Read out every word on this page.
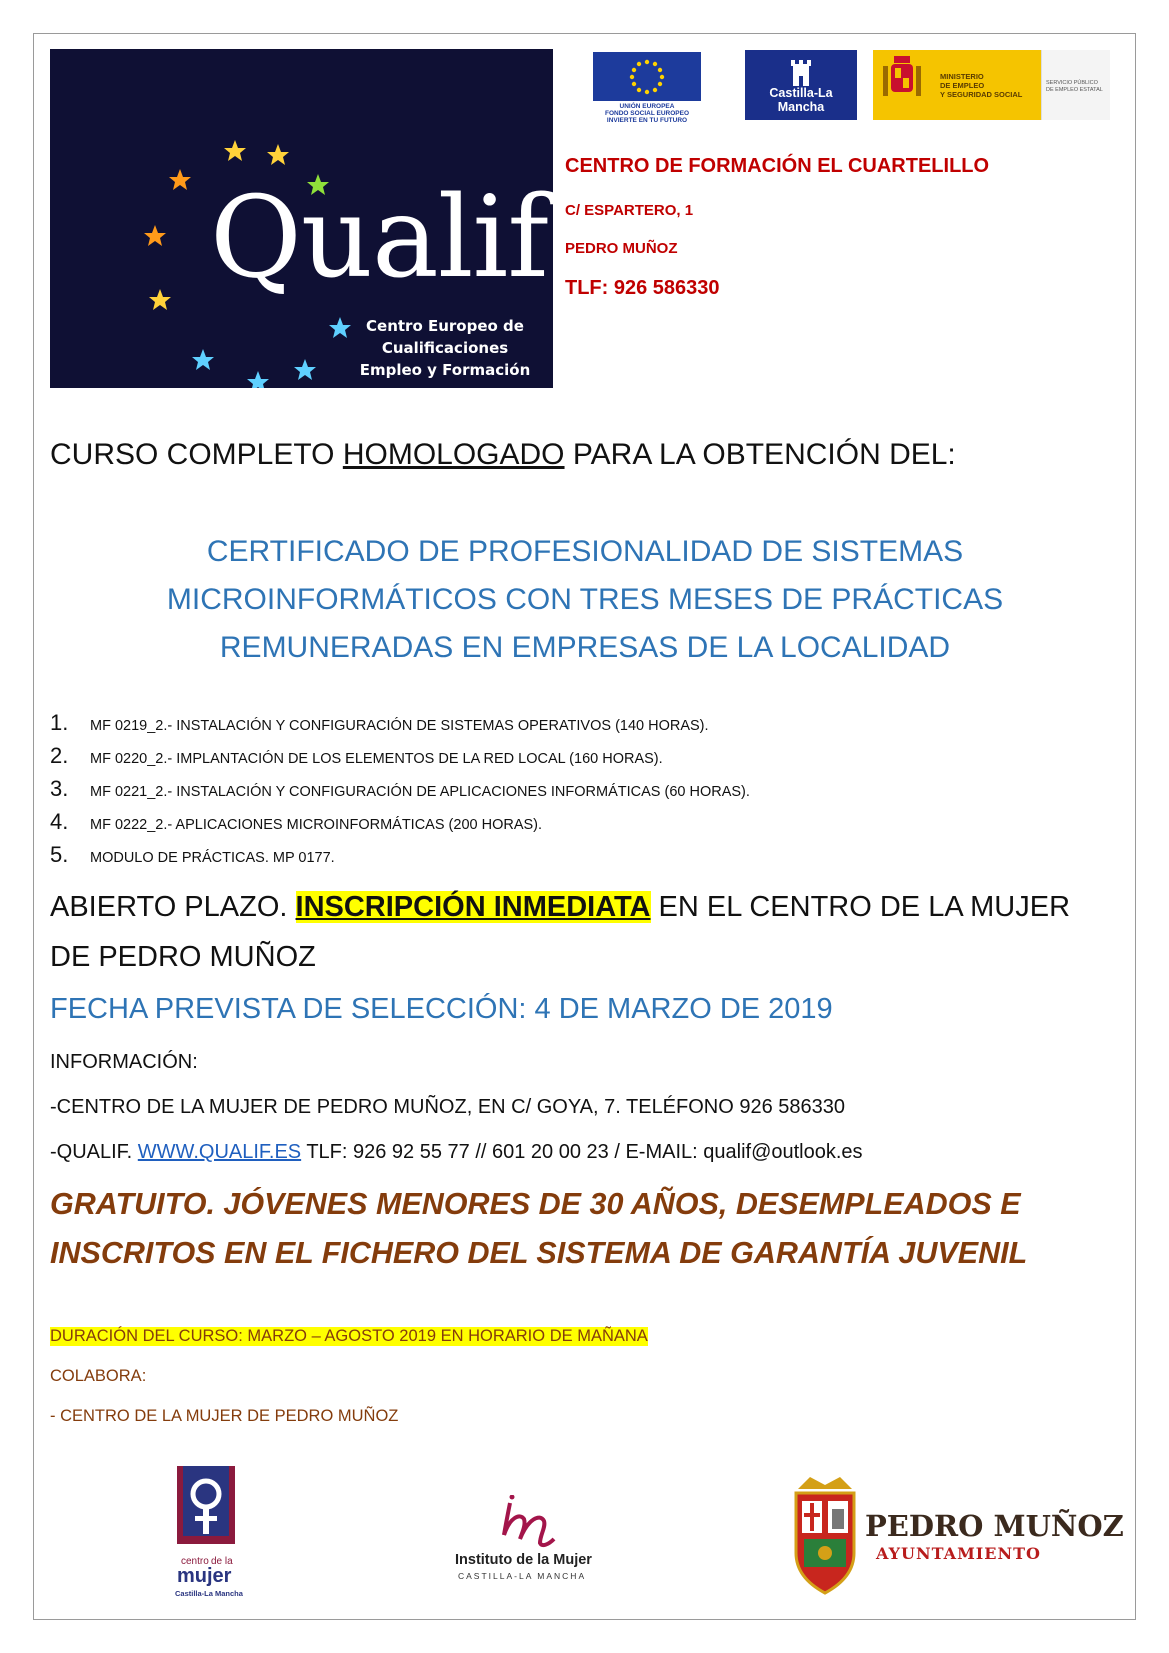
Qualif
Centro Europeo de
Cualificaciones
Empleo y Formación
UNIÓN EUROPEA
FONDO SOCIAL EUROPEO
INVIERTE EN TU FUTURO
Castilla-La Mancha
MINISTERIO
DE EMPLEO
Y SEGURIDAD SOCIAL
SERVICIO PÚBLICO
DE EMPLEO ESTATAL
CENTRO DE FORMACIÓN EL CUARTELILLO
C/ ESPARTERO, 1
PEDRO MUÑOZ
TLF: 926 586330
CURSO COMPLETO HOMOLOGADO PARA LA OBTENCIÓN DEL:
CERTIFICADO DE PROFESIONALIDAD DE SISTEMAS
MICROINFORMÁTICOS CON TRES MESES DE PRÁCTICAS
REMUNERADAS EN EMPRESAS DE LA LOCALIDAD
1. MF 0219_2.- INSTALACIÓN Y CONFIGURACIÓN DE SISTEMAS OPERATIVOS (140 HORAS).
2. MF 0220_2.- IMPLANTACIÓN DE LOS ELEMENTOS DE LA RED LOCAL (160 HORAS).
3. MF 0221_2.- INSTALACIÓN Y CONFIGURACIÓN DE APLICACIONES INFORMÁTICAS (60 HORAS).
4. MF 0222_2.- APLICACIONES MICROINFORMÁTICAS (200 HORAS).
5. MODULO DE PRÁCTICAS. MP 0177.
ABIERTO PLAZO. INSCRIPCIÓN INMEDIATA EN EL CENTRO DE LA MUJER DE PEDRO MUÑOZ
FECHA PREVISTA DE SELECCIÓN: 4 DE MARZO DE 2019
INFORMACIÓN:
-CENTRO DE LA MUJER DE PEDRO MUÑOZ, EN C/ GOYA, 7. TELÉFONO 926 586330
-QUALIF. WWW.QUALIF.ES TLF: 926 92 55 77 // 601 20 00 23 / E-MAIL: qualif@outlook.es
GRATUITO. JÓVENES MENORES DE 30 AÑOS, DESEMPLEADOS E
INSCRITOS EN EL FICHERO DEL SISTEMA DE GARANTÍA JUVENIL
DURACIÓN DEL CURSO: MARZO – AGOSTO 2019 EN HORARIO DE MAÑANA
COLABORA:
- CENTRO DE LA MUJER DE PEDRO MUÑOZ
centro de la
mujer
Castilla-La Mancha
Instituto de la Mujer
CASTILLA-LA MANCHA
PEDRO MUÑOZ
AYUNTAMIENTO
